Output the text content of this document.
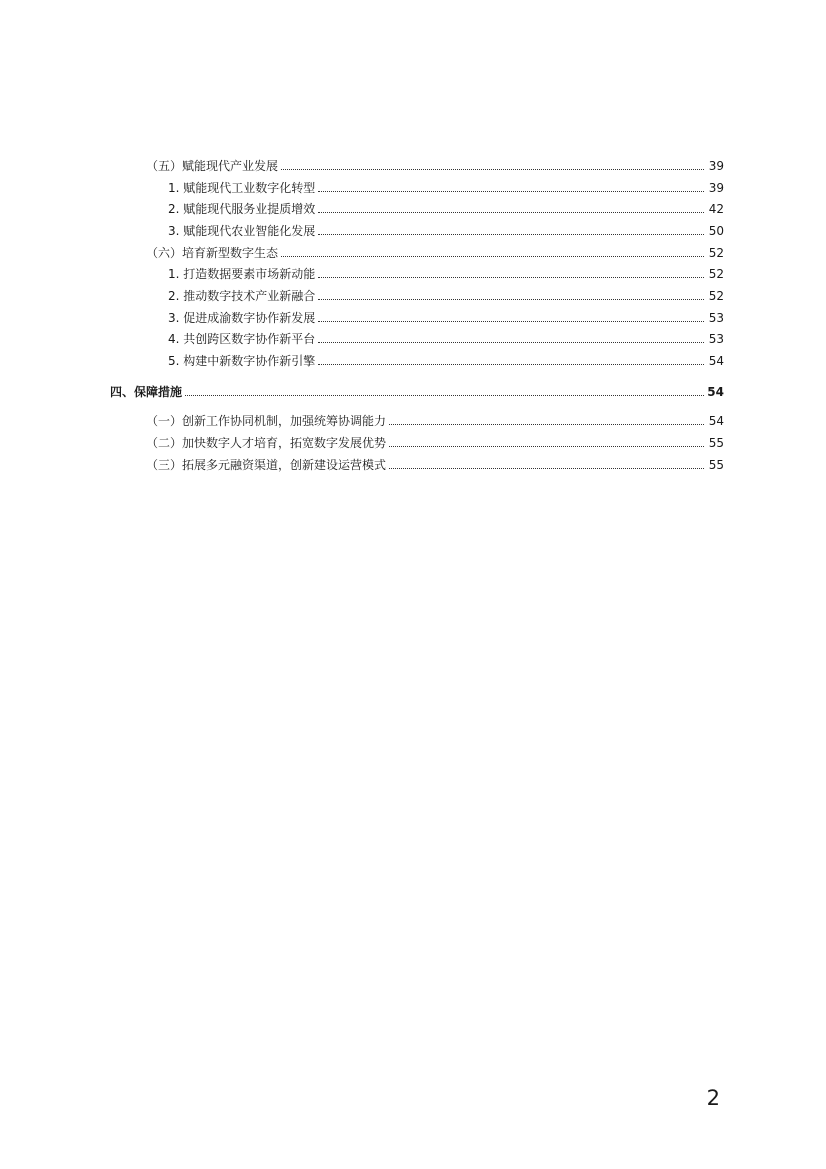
（五）赋能现代产业发展	39
1. 赋能现代工业数字化转型	39
2. 赋能现代服务业提质增效	42
3. 赋能现代农业智能化发展	50
（六）培育新型数字生态	52
1. 打造数据要素市场新动能	52
2. 推动数字技术产业新融合	52
3. 促进成渝数字协作新发展	53
4. 共创跨区数字协作新平台	53
5. 构建中新数字协作新引擎	54
四、保障措施	54
（一）创新工作协同机制，加强统筹协调能力	54
（二）加快数字人才培育，拓宽数字发展优势	55
（三）拓展多元融资渠道，创新建设运营模式	55
2
